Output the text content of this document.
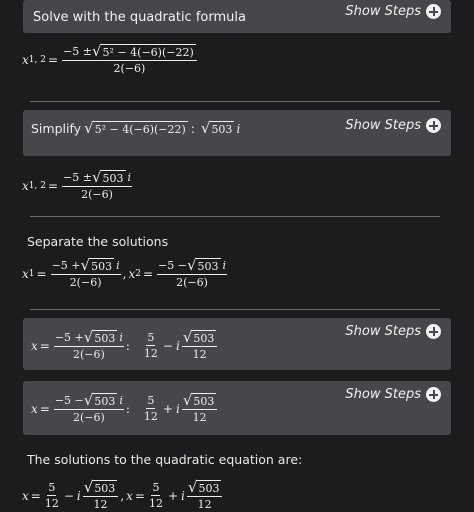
Solve with the quadratic formula	Show Steps
x 1, $2 = \frac{\text{−5 ± √ 5² − 4(−6)(−22)}}{2(-6)}$
Simplify √ 5² − 4(−6)(−22) : √ 503 i	Show Steps
x 1, $2 = \frac{-5 \pm √ 503 i}{2(-6)}$
Separate the solutions
x $1 = \frac{-5 + √ 503 i}{2(-6)}$ , x $2 = \frac{-5 - √ 503 i}{2(-6)}$
$x = \frac{-5 + √ 503 i}{2(-6)}$ : $\frac{5}{12} - i \frac{√ 503}{12}$	Show Steps
$x = \frac{-5 - √ 503 i}{2(-6)}$ : $\frac{5}{12} + i \frac{√ 503}{12}$	Show Steps
The solutions to the quadratic equation are:
$x = \frac{5}{12} - i \frac{√ 503}{12}$ , $x = \frac{5}{12} + i \frac{√ 503}{12}$
